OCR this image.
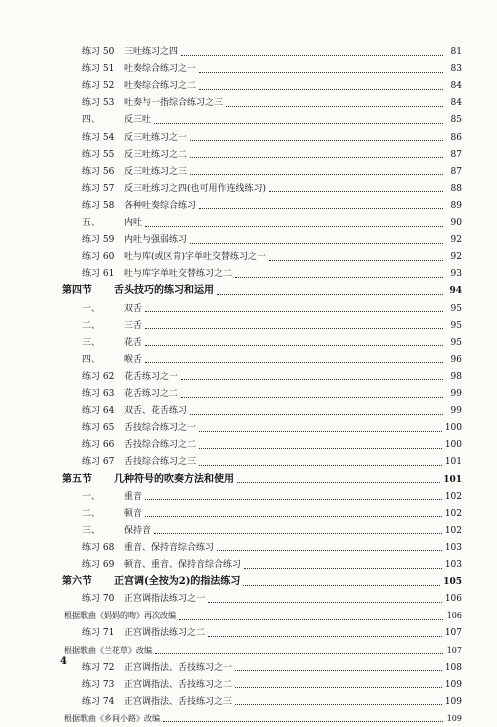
练习 50	三吐练习之四	81
练习 51	吐奏综合练习之一	83
练习 52	吐奏综合练习之二	84
练习 53	吐奏与一指综合练习之三	84
四、	反三吐	85
练习 54	反三吐练习之一	86
练习 55	反三吐练习之二	87
练习 56	反三吐练习之三	87
练习 57	反三吐练习之四(也可用作连线练习)	88
练习 58	各种吐奏综合练习	89
五、	内吐	90
练习 59	内吐与强弱练习	92
练习 60	吐与库(或区肯)字单吐交替练习之一	92
练习 61	吐与库字单吐交替练习之二	93
第四节	舌头技巧的练习和运用	94
一、	双舌	95
二、	三舌	95
三、	花舌	95
四、	喉舌	96
练习 62	花舌练习之一	98
练习 63	花舌练习之二	99
练习 64	双舌、花舌练习	99
练习 65	舌技综合练习之一	100
练习 66	舌技综合练习之二	100
练习 67	舌技综合练习之三	101
第五节	几种符号的吹奏方法和使用	101
一、	重音	102
二、	顿音	102
三、	保持音	102
练习 68	重音、保持音综合练习	103
练习 69	顿音、重音、保持音综合练习	103
第六节	正宫调(全按为2)的指法练习	105
练习 70	正宫调指法练习之一	106
根据歌曲《妈妈的吻》再次改编	106
练习 71	正宫调指法练习之二	107
根据歌曲《兰花草》改编	107
练习 72	正宫调指法、舌技练习之一	108
练习 73	正宫调指法、舌技练习之二	109
练习 74	正宫调指法、舌技练习之三	109
根据歌曲《乡间小路》改编	109
4
